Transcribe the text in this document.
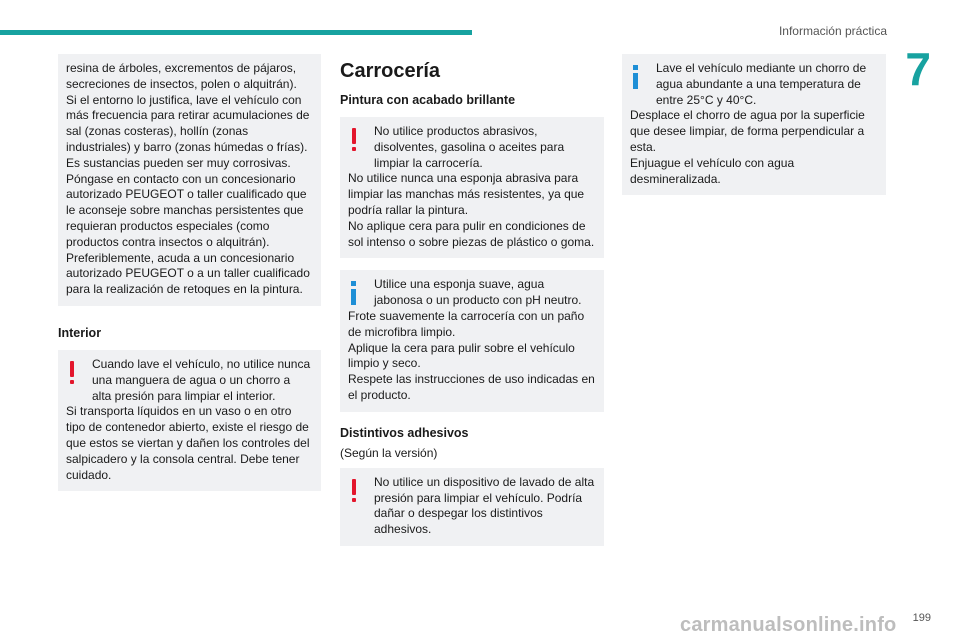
Información práctica
7

resina de árboles, excrementos de pájaros, secreciones de insectos, polen o alquitrán).

Si el entorno lo justifica, lave el vehículo con más frecuencia para retirar acumulaciones de sal (zonas costeras), hollín (zonas industriales) y barro (zonas húmedas o frías). Es sustancias pueden ser muy corrosivas.

Póngase en contacto con un concesionario autorizado PEUGEOT o taller cualificado que le aconseje sobre manchas persistentes que requieran productos especiales (como productos contra insectos o alquitrán).

Preferiblemente, acuda a un concesionario autorizado PEUGEOT o a un taller cualificado para la realización de retoques en la pintura.

Interior

Cuando lave el vehículo, no utilice nunca una manguera de agua o un chorro a alta presión para limpiar el interior.

Si transporta líquidos en un vaso o en otro tipo de contenedor abierto, existe el riesgo de que estos se viertan y dañen los controles del salpicadero y la consola central. Debe tener cuidado.

Carrocería
Pintura con acabado brillante

No utilice productos abrasivos, disolventes, gasolina o aceites para limpiar la carrocería.

No utilice nunca una esponja abrasiva para limpiar las manchas más resistentes, ya que podría rallar la pintura.

No aplique cera para pulir en condiciones de sol intenso o sobre piezas de plástico o goma.

Utilice una esponja suave, agua jabonosa o un producto con pH neutro.

Frote suavemente la carrocería con un paño de microfibra limpio.

Aplique la cera para pulir sobre el vehículo limpio y seco.

Respete las instrucciones de uso indicadas en el producto.

Distintivos adhesivos
(Según la versión)

No utilice un dispositivo de lavado de alta presión para limpiar el vehículo. Podría dañar o despegar los distintivos adhesivos.

Lave el vehículo mediante un chorro de agua abundante a una temperatura de entre 25°C y 40°C.

Desplace el chorro de agua por la superficie que desee limpiar, de forma perpendicular a esta.

Enjuague el vehículo con agua desmineralizada.

199
carmanualsonline.info
